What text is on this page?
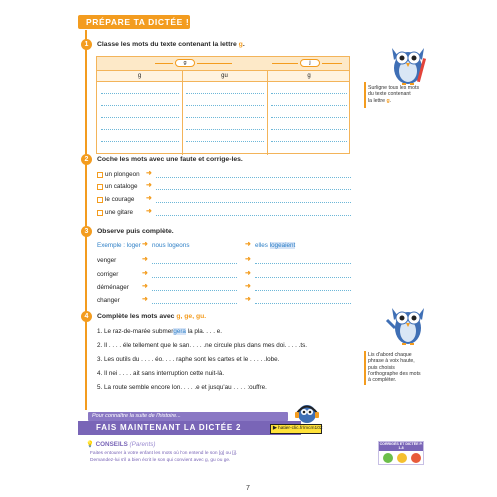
PRÉPARE TA DICTÉE !
1	Classe les mots du texte contenant la lettre g.
g	j
g	gu	g
Surligne tous les mots
du texte contenant
la lettre g.
2	Coche les mots avec une faute et corrige-les.
un plongeon ➜
un cataloge ➜
le courage ➜
une gitare ➜
3	Observe puis complète.
Exemple : loger ➜ nous logeons	➜ elles logeaient
venger	➜	➜
corriger	➜	➜
déménager ➜	➜
changer	➜	➜
4	Complète les mots avec g, ge, gu.
1. Le raz-de-marée submergera la pla. . . . e.
2. Il . . . . éle tellement que le san. . . . .ne circule plus dans mes doi. . . . .ts.
3. Les outils du . . . . éo. . . . raphe sont les cartes et le . . . . .lobe.
4. Il nei . . . . ait sans interruption cette nuit-là.
5. La route semble encore lon. . . . .e et jusqu'au . . . . :ouffre.
Lis d'abord chaque
phrase à voix haute,
puis choisis
l'orthographe des mots
à compléter.
Pour connaître la suite de l'histoire...
FAIS MAINTENANT LA DICTÉE 2	▶ hatier-clic.fr/mcm102
💡 CONSEILS (Parents)
Faites entourer à votre enfant les mots où l'on entend le son [g] ou [j].
Demandez-lui s'il a bien écrit le son qui convient avec g, gu ou ge.
CORRIGÉS ET DICTÉE P. 1-8
7
